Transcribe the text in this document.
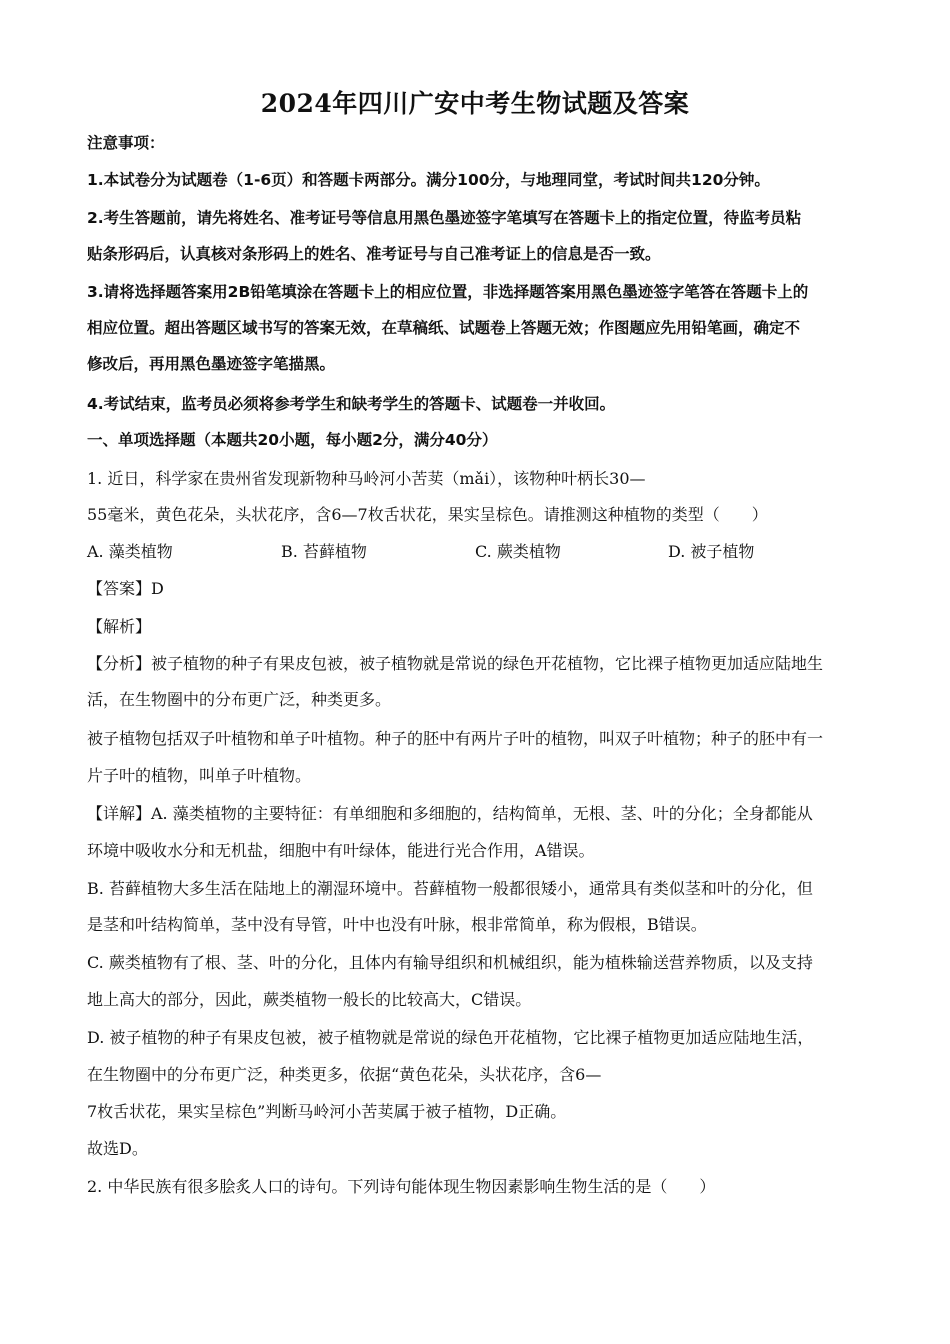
2024年四川广安中考生物试题及答案
注意事项：
1.本试卷分为试题卷（1-6页）和答题卡两部分。满分100分，与地理同堂，考试时间共120分钟。
2.考生答题前，请先将姓名、准考证号等信息用黑色墨迹签字笔填写在答题卡上的指定位置，待监考员粘
贴条形码后，认真核对条形码上的姓名、准考证号与自己准考证上的信息是否一致。
3.请将选择题答案用2B铅笔填涂在答题卡上的相应位置，非选择题答案用黑色墨迹签字笔答在答题卡上的
相应位置。超出答题区域书写的答案无效，在草稿纸、试题卷上答题无效；作图题应先用铅笔画，确定不
修改后，再用黑色墨迹签字笔描黑。
4.考试结束，监考员必须将参考学生和缺考学生的答题卡、试题卷一并收回。
一、单项选择题（本题共20小题，每小题2分，满分40分）
1. 近日，科学家在贵州省发现新物种马岭河小苦荬（mǎi），该物种叶柄长30—
55毫米，黄色花朵，头状花序，含6—7枚舌状花，果实呈棕色。请推测这种植物的类型（　　）
A. 藻类植物	B. 苔藓植物	C. 蕨类植物	D. 被子植物
【答案】D
【解析】
【分析】被子植物的种子有果皮包被，被子植物就是常说的绿色开花植物，它比裸子植物更加适应陆地生
活，在生物圈中的分布更广泛，种类更多。
被子植物包括双子叶植物和单子叶植物。种子的胚中有两片子叶的植物，叫双子叶植物；种子的胚中有一
片子叶的植物，叫单子叶植物。
【详解】A. 藻类植物的主要特征：有单细胞和多细胞的，结构简单，无根、茎、叶的分化；全身都能从
环境中吸收水分和无机盐，细胞中有叶绿体，能进行光合作用，A错误。
B. 苔藓植物大多生活在陆地上的潮湿环境中。苔藓植物一般都很矮小，通常具有类似茎和叶的分化，但
是茎和叶结构简单，茎中没有导管，叶中也没有叶脉，根非常简单，称为假根，B错误。
C. 蕨类植物有了根、茎、叶的分化，且体内有输导组织和机械组织，能为植株输送营养物质，以及支持
地上高大的部分，因此，蕨类植物一般长的比较高大，C错误。
D. 被子植物的种子有果皮包被，被子植物就是常说的绿色开花植物，它比裸子植物更加适应陆地生活，
在生物圈中的分布更广泛，种类更多，依据“黄色花朵，头状花序，含6—
7枚舌状花，果实呈棕色”判断马岭河小苦荬属于被子植物，D正确。
故选D。
2. 中华民族有很多脍炙人口的诗句。下列诗句能体现生物因素影响生物生活的是（　　）
